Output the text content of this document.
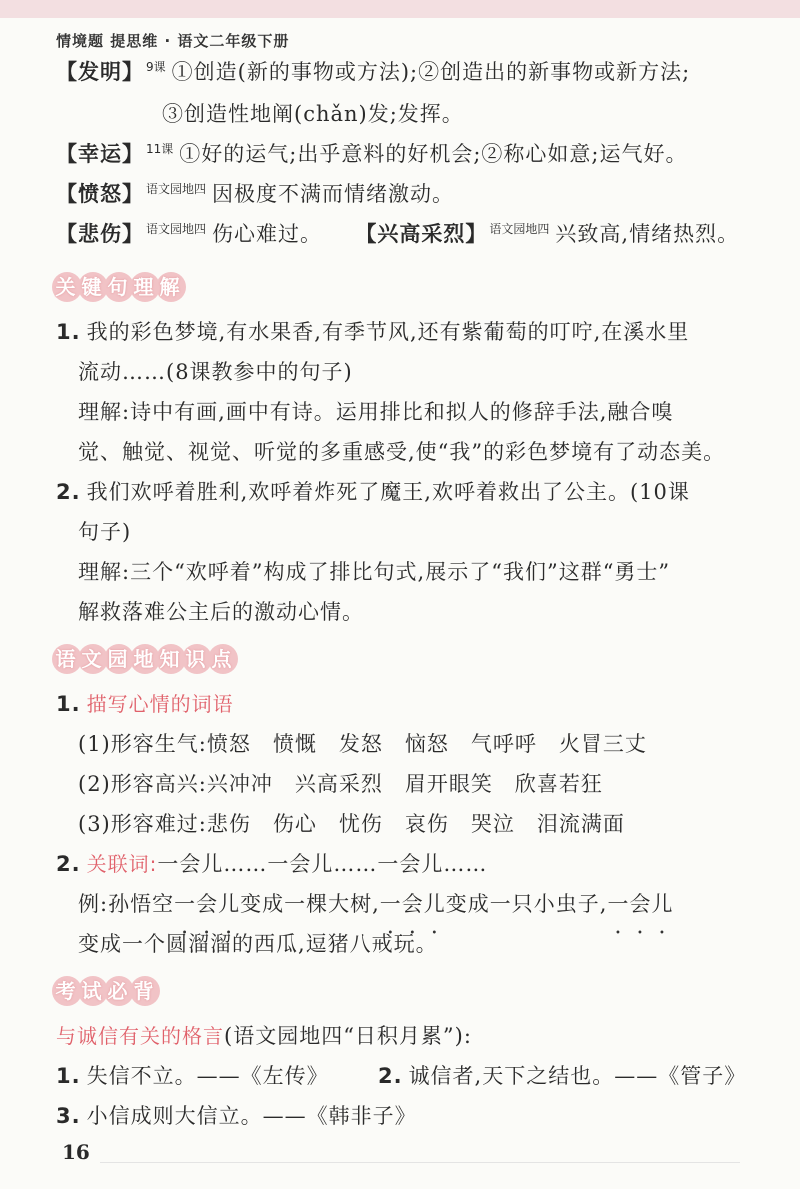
情境题 提思维 · 语文二年级下册
【发明】 $^{9课}$ ①创造(新的事物或方法);②创造出的新事物或新方法;
③创造性地阐(chǎn)发;发挥。
【幸运】 $^{11课}$ ①好的运气;出乎意料的好机会;②称心如意;运气好。
【愤怒】 $^{语文园地四}$ 因极度不满而情绪激动。
【悲伤】 $^{语文园地四}$ 伤心难过。 【兴高采烈】 $^{语文园地四}$ 兴致高,情绪热烈。
关 键 句 理 解
1. 我的彩色梦境,有水果香,有季节风,还有紫葡萄的叮咛,在溪水里
流动……(8课教参中的句子)
理解:诗中有画,画中有诗。运用排比和拟人的修辞手法,融合嗅
觉、触觉、视觉、听觉的多重感受,使“我”的彩色梦境有了动态美。
2. 我们欢呼着胜利,欢呼着炸死了魔王,欢呼着救出了公主。(10课
句子)
理解:三个“欢呼着”构成了排比句式,展示了“我们”这群“勇士”
解救落难公主后的激动心情。
语 文 园 地 知 识 点
1. 描写心情的词语
(1)形容生气:愤怒　愤慨　发怒　恼怒　气呼呼　火冒三丈
(2)形容高兴:兴冲冲　兴高采烈　眉开眼笑　欣喜若狂
(3)形容难过:悲伤　伤心　忧伤　哀伤　哭泣　泪流满面
2. 关联词:一会儿……一会儿……一会儿……
例:孙悟空一会儿变成一棵大树,一会儿变成一只小虫子,一会儿
变成一个圆溜溜的西瓜,逗猪八戒玩。
考 试 必 背
与诚信有关的格言(语文园地四“日积月累”):
1. 失信不立。——《左传》 2. 诚信者,天下之结也。——《管子》
3. 小信成则大信立。——《韩非子》
16
